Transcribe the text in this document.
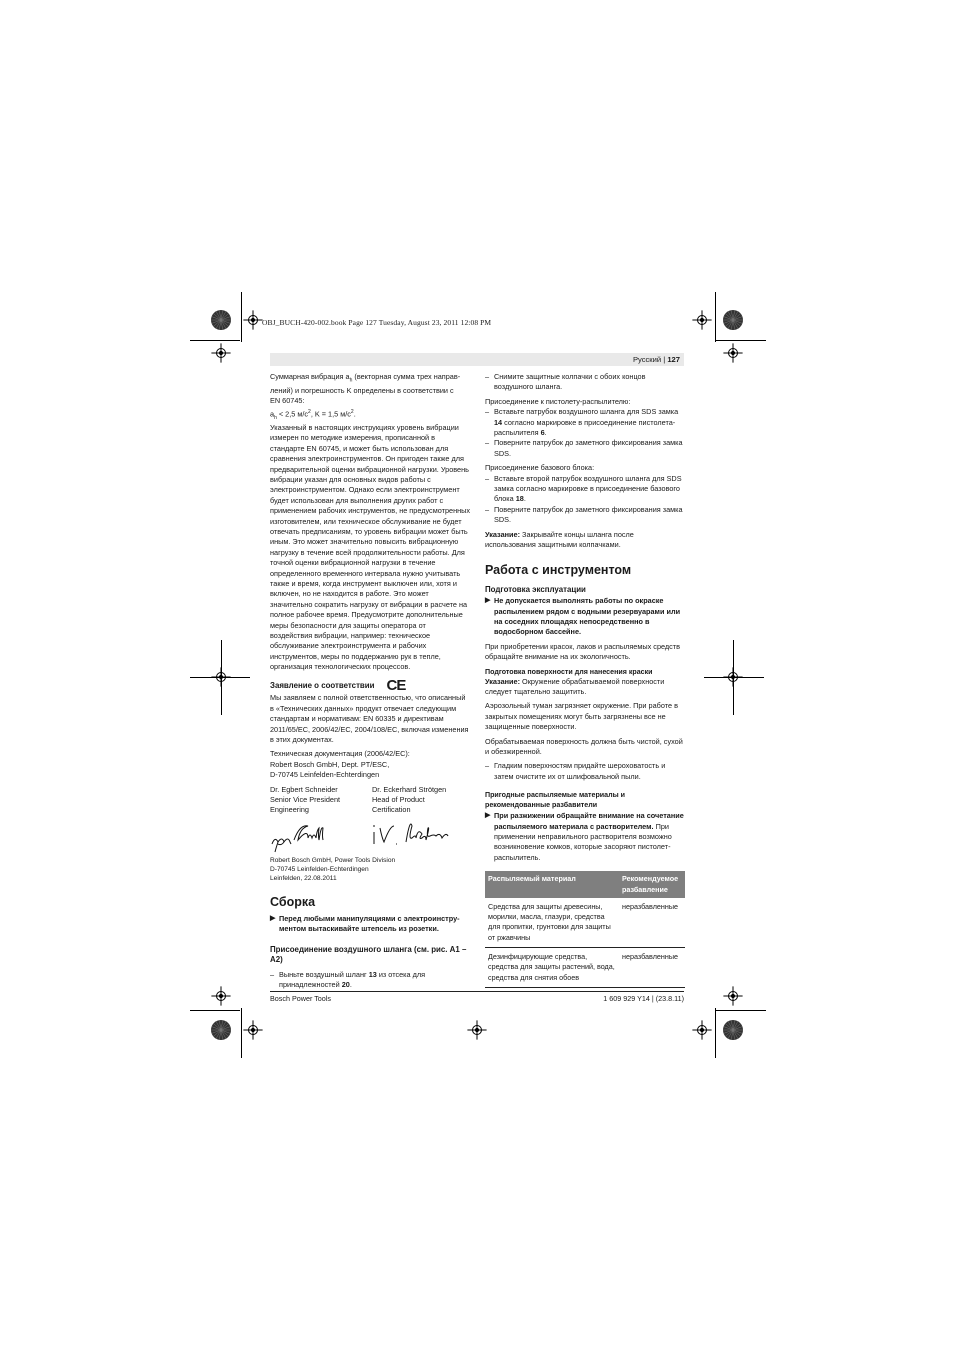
OBJ_BUCH-420-002.book Page 127 Tuesday, August 23, 2011 12:08 PM
Русский | 127

Суммарная вибрация $a_h$ (векторная сумма трех направ-
лений) и погрешность K определены в соответствии с
EN 60745:
$a_h < 2,5$ $м/с^2$, K = 1,5 $м/с^2$.

Указанный в настоящих инструкциях уровень вибрации измерен по методике измерения, прописанной в стандарте EN 60745, и может быть использован для сравнения электроинструментов. Он пригоден также для предварительной оценки вибрационной нагрузки. Уровень вибрации указан для основных видов работы с электроинструментом. Однако если электроинструмент будет использован для выполнения других работ с применением рабочих инструментов, не предусмотренных изготовителем, или техническое обслуживание не будет отвечать предписаниям, то уровень вибрации может быть иным. Это может значительно повысить вибрационную нагрузку в течение всей продолжительности работы. Для точной оценки вибрационной нагрузки в течение определенного временного интервала нужно учитывать также и время, когда инструмент выключен или, хотя и включен, но не находится в работе. Это может значительно сократить нагрузку от вибрации в расчете на полное рабочее время. Предусмотрите дополнительные меры безопасности для защиты оператора от воздействия вибрации, например: техническое обслуживание электроинструмента и рабочих инструментов, меры по поддержанию рук в тепле, организация технологических процессов.

Заявление о соответствии CE

Мы заявляем с полной ответственностью, что описанный в «Технических данных» продукт отвечает следующим стандартам и нормативам: EN 60335 и директивам 2011/65/EC, 2006/42/EC, 2004/108/EC, включая изменения в этих документах.

Техническая документация (2006/42/EC):
Robert Bosch GmbH, Dept. PT/ESC,
D-70745 Leinfelden-Echterdingen

Dr. Egbert Schneider
Senior Vice President
Engineering
Dr. Eckerhard Strötgen
Head of Product
Certification

Robert Bosch GmbH, Power Tools Division
D-70745 Leinfelden-Echterdingen
Leinfelden, 22.08.2011

Сборка
▶ Перед любыми манипуляциями с электроинстру-ментом вытаскивайте штепсель из розетки.
Присоединение воздушного шланга (см. рис. A1 – A2)
– Выньте воздушный шланг 13 из отсека для принадлежностей 20.
– Снимите защитные колпачки с обоих концов воздушного шланга.

Присоединение к пистолету-распылителю:

– Вставьте патрубок воздушного шланга для SDS замка 14 согласно маркировке в присоединение пистолета-распылителя 6.
– Поверните патрубок до заметного фиксирования замка SDS.

Присоединение базового блока:

– Вставьте второй патрубок воздушного шланга для SDS замка согласно маркировке в присоединение базового блока 18.
– Поверните патрубок до заметного фиксирования замка SDS.

Указание: Закрывайте концы шланга после использования защитными колпачками.

Работа с инструментом
Подготовка эксплуатации
▶ Не допускается выполнять работы по окраске распылением рядом с водными резервуарами или на соседних площадях непосредственно в водосборном бассейне.

При приобретении красок, лаков и распыляемых средств обращайте внимание на их экологичность.

Подготовка поверхности для нанесения краски

Указание: Окружение обрабатываемой поверхности следует тщательно защитить.

Аэрозольный туман загрязняет окружение. При работе в закрытых помещениях могут быть загрязнены все не защищенные поверхности.

Обрабатываемая поверхность должна быть чистой, сухой и обезжиренной.

– Гладким поверхностям придайте шероховатость и затем очистите их от шлифовальной пыли.
Пригодные распыляемые материалы и рекомендованные разбавители
▶ При разжижении обращайте внимание на сочетание распыляемого материала с растворителем. При применении неправильного растворителя возможно возникновение комков, которые засоряют пистолет-распылитель.
Распыляемый материал	Рекомендуемое разбавление
Средства для защиты древесины, морилки, масла, глазури, средства для пропитки, грунтовки для защиты от ржавчины	неразбавленные
Дезинфицирующие средства, средства для защиты растений, вода, средства для снятия обоев	неразбавленные
Bosch Power Tools	1 609 929 Y14 | (23.8.11)
